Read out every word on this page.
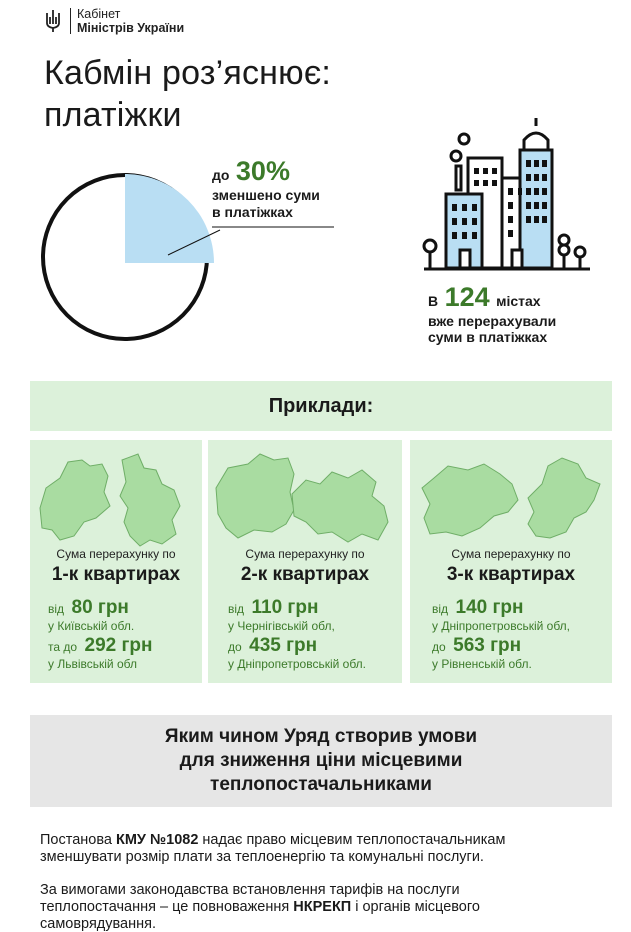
Кабінет
Міністрів України
Кабмін роз’яснює:
платіжки
до 30%
зменшено суми
в платіжках
В 124 містах
вже перерахували
суми в платіжках
Приклади:
Сума перерахунку по
1-к квартирах
від 80 грн
у Київській обл.
та до 292 грн
у Львівській обл
Сума перерахунку по
2-к квартирах
від 110 грн
у Чернігівській обл,
до 435 грн
у Дніпропетровській обл.
Сума перерахунку по
3-к квартирах
від 140 грн
у Дніпропетровській обл,
до 563 грн
у Рівненській обл.
Яким чином Уряд створив умови
для зниження ціни місцевими
теплопостачальниками
Постанова КМУ №1082 надає право місцевим теплопостачальникам
зменшувати розмір плати за теплоенергію та комунальні послуги.
За вимогами законодавства встановлення тарифів на послуги
теплопостачання – це повноваження НКРЕКП і органів місцевого
самоврядування.
